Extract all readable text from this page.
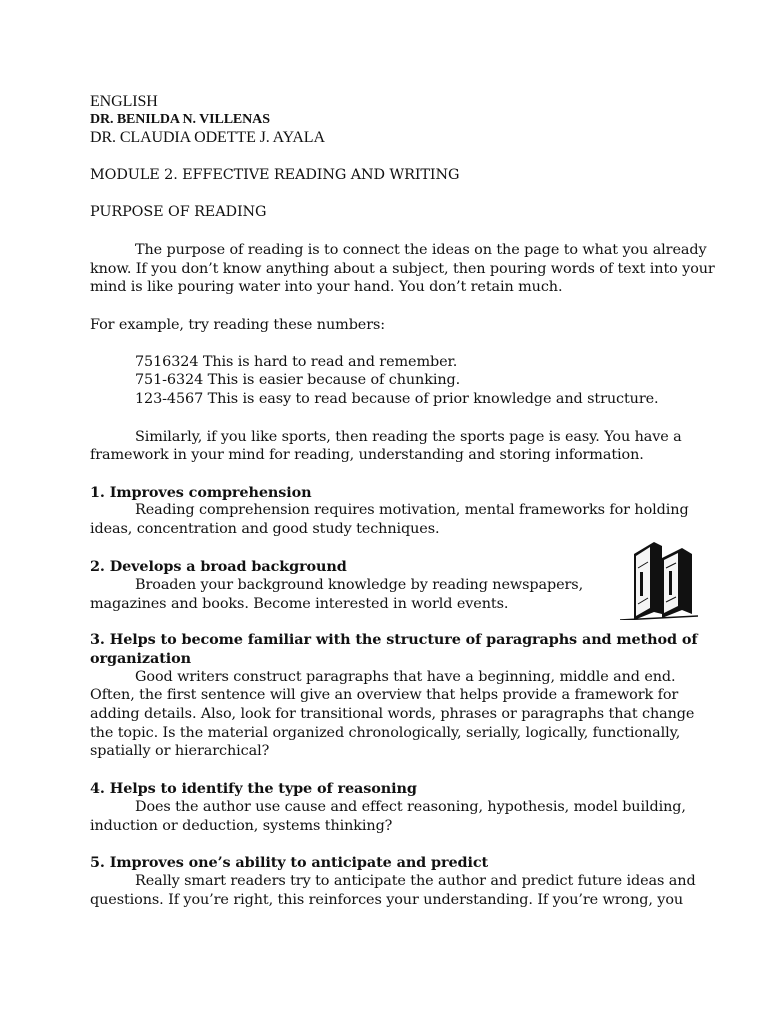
ENGLISH
DR. BENILDA N. VILLENAS
DR. CLAUDIA ODETTE J. AYALA
MODULE 2. EFFECTIVE READING AND WRITING
PURPOSE OF READING
The purpose of reading is to connect the ideas on the page to what you already
know. If you don’t know anything about a subject, then pouring words of text into your
mind is like pouring water into your hand. You don’t retain much.
For example, try reading these numbers:
7516324 This is hard to read and remember.
751-6324 This is easier because of chunking.
123-4567 This is easy to read because of prior knowledge and structure.
Similarly, if you like sports, then reading the sports page is easy. You have a
framework in your mind for reading, understanding and storing information.
1. Improves comprehension
Reading comprehension requires motivation, mental frameworks for holding
ideas, concentration and good study techniques.
2. Develops a broad background
Broaden your background knowledge by reading newspapers,
magazines and books. Become interested in world events.
3. Helps to become familiar with the structure of paragraphs and method of
organization
Good writers construct paragraphs that have a beginning, middle and end.
Often, the first sentence will give an overview that helps provide a framework for
adding details. Also, look for transitional words, phrases or paragraphs that change
the topic. Is the material organized chronologically, serially, logically, functionally,
spatially or hierarchical?
4. Helps to identify the type of reasoning
Does the author use cause and effect reasoning, hypothesis, model building,
induction or deduction, systems thinking?
5. Improves one’s ability to anticipate and predict
Really smart readers try to anticipate the author and predict future ideas and
questions. If you’re right, this reinforces your understanding. If you’re wrong, you
